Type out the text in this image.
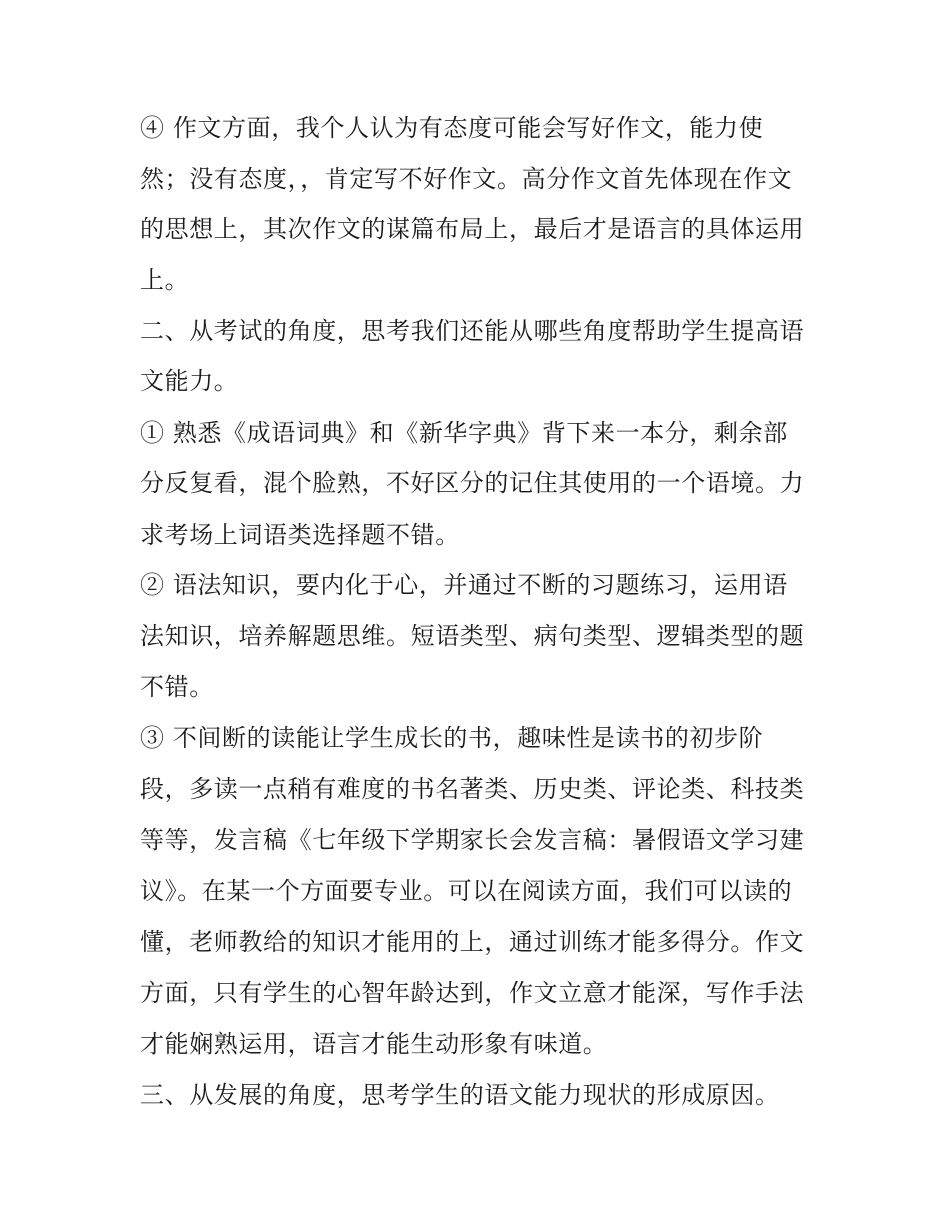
④ 作文方面，我个人认为有态度可能会写好作文，能力使
然；没有态度，，肯定写不好作文。高分作文首先体现在作文
的思想上，其次作文的谋篇布局上，最后才是语言的具体运用
上。
二、从考试的角度，思考我们还能从哪些角度帮助学生提高语
文能力。
① 熟悉《成语词典》和《新华字典》背下来一本分，剩余部
分反复看，混个脸熟，不好区分的记住其使用的一个语境。力
求考场上词语类选择题不错。
② 语法知识，要内化于心，并通过不断的习题练习，运用语
法知识，培养解题思维。短语类型、病句类型、逻辑类型的题
不错。
③ 不间断的读能让学生成长的书，趣味性是读书的初步阶
段，多读一点稍有难度的书名著类、历史类、评论类、科技类
等等，发言稿《七年级下学期家长会发言稿：暑假语文学习建
议》。在某一个方面要专业。可以在阅读方面，我们可以读的
懂，老师教给的知识才能用的上，通过训练才能多得分。作文
方面，只有学生的心智年龄达到，作文立意才能深，写作手法
才能娴熟运用，语言才能生动形象有味道。
三、从发展的角度，思考学生的语文能力现状的形成原因。
